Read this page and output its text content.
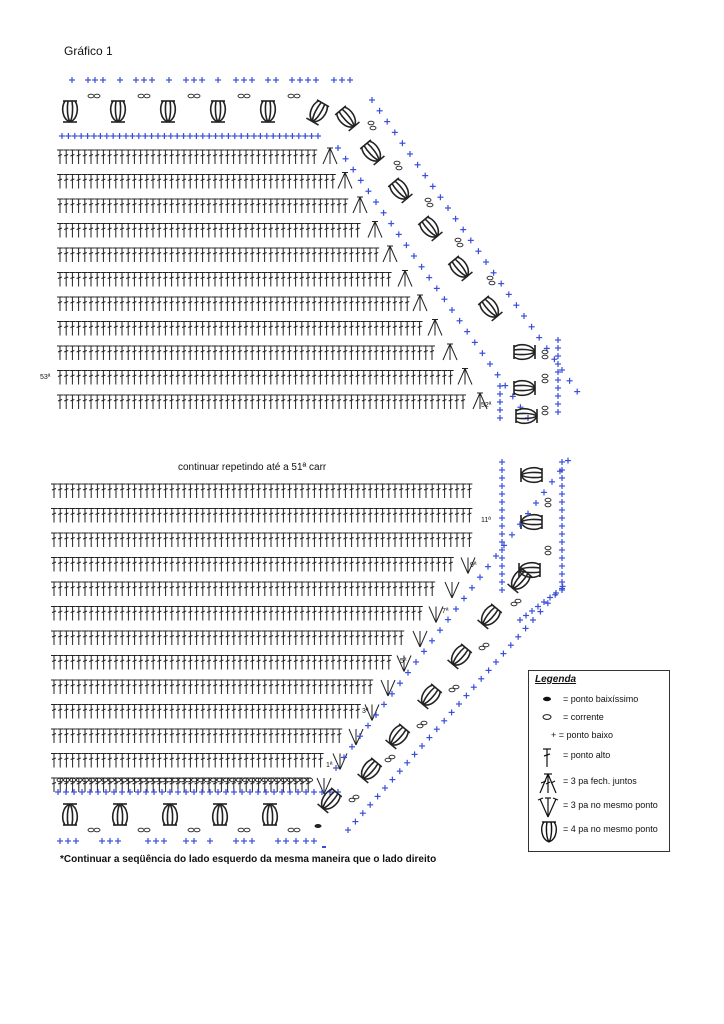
Gráfico 1
continuar repetindo até a 51ª carr
53ª
52ª
11ª
9ª
7ª
5ª
3ª
1ª
*Continuar a seqüência do lado esquerdo da mesma maneira que o lado direito
Legenda
= ponto baixíssimo
= corrente
+ = ponto baixo
= ponto alto
= 3 pa fech. juntos
= 3 pa no mesmo ponto
= 4 pa no mesmo ponto
